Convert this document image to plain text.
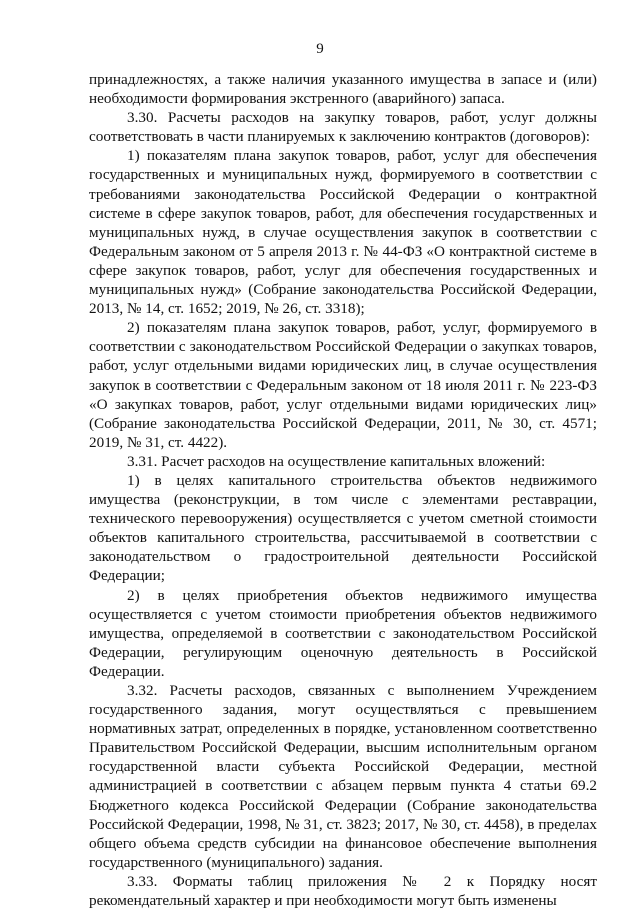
9

принадлежностях, а также наличия указанного имущества в запасе и (или) необходимости формирования экстренного (аварийного) запаса.

3.30. Расчеты расходов на закупку товаров, работ, услуг должны соответствовать в части планируемых к заключению контрактов (договоров):

1) показателям плана закупок товаров, работ, услуг для обеспечения государственных и муниципальных нужд, формируемого в соответствии с требованиями законодательства Российской Федерации о контрактной системе в сфере закупок товаров, работ, для обеспечения государственных и муниципальных нужд, в случае осуществления закупок в соответствии с Федеральным законом от 5 апреля 2013 г. № 44-ФЗ «О контрактной системе в сфере закупок товаров, работ, услуг для обеспечения государственных и муниципальных нужд» (Собрание законодательства Российской Федерации, 2013, № 14, ст. 1652; 2019, № 26, ст. 3318);

2) показателям плана закупок товаров, работ, услуг, формируемого в соответствии с законодательством Российской Федерации о закупках товаров, работ, услуг отдельными видами юридических лиц, в случае осуществления закупок в соответствии с Федеральным законом от 18 июля 2011 г. № 223-ФЗ «О закупках товаров, работ, услуг отдельными видами юридических лиц» (Собрание законодательства Российской Федерации, 2011, № 30, ст. 4571; 2019, № 31, ст. 4422).

3.31. Расчет расходов на осуществление капитальных вложений:

1) в целях капитального строительства объектов недвижимого имущества (реконструкции, в том числе с элементами реставрации, технического перевооружения) осуществляется с учетом сметной стоимости объектов капитального строительства, рассчитываемой в соответствии с законодательством о градостроительной деятельности Российской Федерации;

2) в целях приобретения объектов недвижимого имущества осуществляется с учетом стоимости приобретения объектов недвижимого имущества, определяемой в соответствии с законодательством Российской Федерации, регулирующим оценочную деятельность в Российской Федерации.

3.32. Расчеты расходов, связанных с выполнением Учреждением государственного задания, могут осуществляться с превышением нормативных затрат, определенных в порядке, установленном соответственно Правительством Российской Федерации, высшим исполнительным органом государственной власти субъекта Российской Федерации, местной администрацией в соответствии с абзацем первым пункта 4 статьи 69.2 Бюджетного кодекса Российской Федерации (Собрание законодательства Российской Федерации, 1998, № 31, ст. 3823; 2017, № 30, ст. 4458), в пределах общего объема средств субсидии на финансовое обеспечение выполнения государственного (муниципального) задания.

3.33. Форматы таблиц приложения № 2 к Порядку носят рекомендательный характер и при необходимости могут быть изменены
